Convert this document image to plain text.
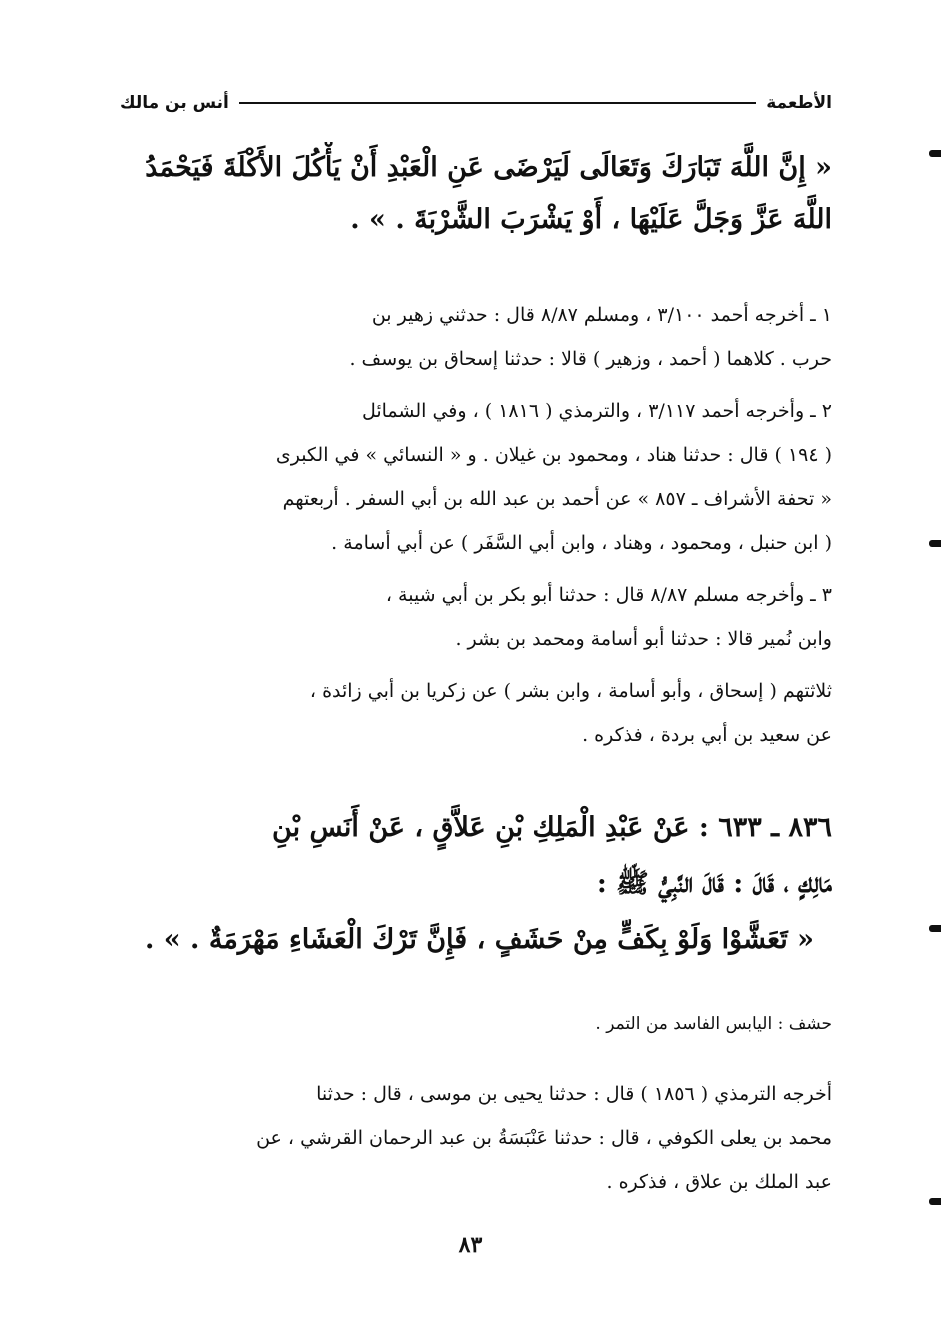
الأطعمة
أنس بن مالك
« إِنَّ اللَّهَ تَبَارَكَ وَتَعَالَى لَيَرْضَى عَنِ الْعَبْدِ أَنْ يَأْكُلَ الأَكْلَةَ فَيَحْمَدُ
اللَّهَ عَزَّ وَجَلَّ عَلَيْهَا ، أَوْ يَشْرَبَ الشَّرْبَةَ . » .
١ ـ أخرجه أحمد ٣/١٠٠ ، ومسلم ٨/٨٧ قال : حدثني زهير بن
حرب . كلاهما ( أحمد ، وزهير ) قالا : حدثنا إسحاق بن يوسف .
٢ ـ وأخرجه أحمد ٣/١١٧ ، والترمذي ( ١٨١٦ ) ، وفي الشمائل
( ١٩٤ ) قال : حدثنا هناد ، ومحمود بن غيلان . و « النسائي » في الكبرى
« تحفة الأشراف ـ ٨٥٧ » عن أحمد بن عبد الله بن أبي السفر . أربعتهم
( ابن حنبل ، ومحمود ، وهناد ، وابن أبي السَّفَر ) عن أبي أسامة .
٣ ـ وأخرجه مسلم ٨/٨٧ قال : حدثنا أبو بكر بن أبي شيبة ،
وابن نُمير قالا : حدثنا أبو أسامة ومحمد بن بشر .
ثلاثتهم ( إسحاق ، وأبو أسامة ، وابن بشر ) عن زكريا بن أبي زائدة ،
عن سعيد بن أبي بردة ، فذكره .
٨٣٦ ـ ٦٣٣ : عَنْ عَبْدِ الْمَلِكِ بْنِ عَلاَّقٍ ، عَنْ أَنَسِ بْنِ
مَالِكٍ ، قَالَ : قَالَ النَّبِيُّ ﷺ :
« تَعَشَّوْا وَلَوْ بِكَفٍّ مِنْ حَشَفٍ ، فَإِنَّ تَرْكَ الْعَشَاءِ مَهْرَمَةٌ . » .
حشف : اليابس الفاسد من التمر .
أخرجه الترمذي ( ١٨٥٦ ) قال : حدثنا يحيى بن موسى ، قال : حدثنا
محمد بن يعلى الكوفي ، قال : حدثنا عَنْبَسَةُ بن عبد الرحمان القرشي ، عن
عبد الملك بن علاق ، فذكره .
٨٣
